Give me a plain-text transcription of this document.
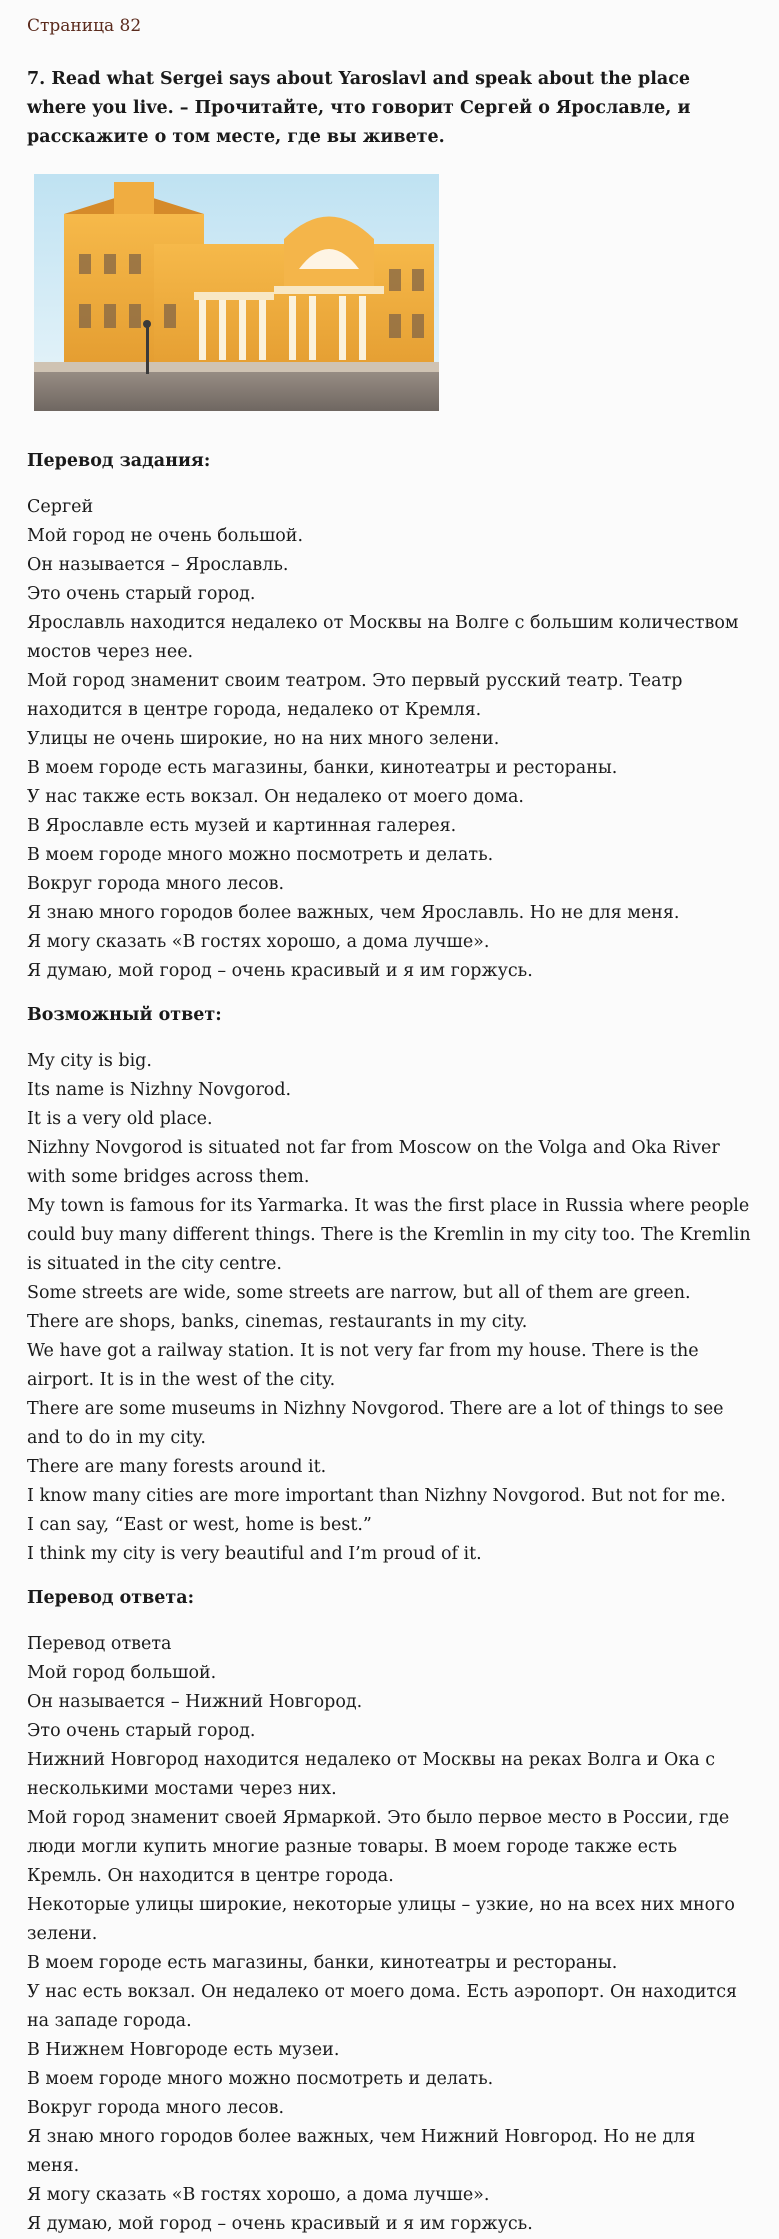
Страница 82
7. Read what Sergei says about Yaroslavl and speak about the place where you live. – Прочитайте, что говорит Сергей о Ярославле, и расскажите о том месте, где вы живете.
Перевод задания:
Сергей
Мой город не очень большой.
Он называется – Ярославль.
Это очень старый город.
Ярославль находится недалеко от Москвы на Волге с большим количеством мостов через нее.
Мой город знаменит своим театром. Это первый русский театр. Театр находится в центре города, недалеко от Кремля.
Улицы не очень широкие, но на них много зелени.
В моем городе есть магазины, банки, кинотеатры и рестораны.
У нас также есть вокзал. Он недалеко от моего дома.
В Ярославле есть музей и картинная галерея.
В моем городе много можно посмотреть и делать.
Вокруг города много лесов.
Я знаю много городов более важных, чем Ярославль. Но не для меня.
Я могу сказать «В гостях хорошо, а дома лучше».
Я думаю, мой город – очень красивый и я им горжусь.
Возможный ответ:
My city is big.
Its name is Nizhny Novgorod.
It is a very old place.
Nizhny Novgorod is situated not far from Moscow on the Volga and Oka River with some bridges across them.
My town is famous for its Yarmarka. It was the first place in Russia where people could buy many different things. There is the Kremlin in my city too. The Kremlin is situated in the city centre.
Some streets are wide, some streets are narrow, but all of them are green.
There are shops, banks, cinemas, restaurants in my city.
We have got a railway station. It is not very far from my house. There is the airport. It is in the west of the city.
There are some museums in Nizhny Novgorod. There are a lot of things to see and to do in my city.
There are many forests around it.
I know many cities are more important than Nizhny Novgorod. But not for me.
I can say, “East or west, home is best.”
I think my city is very beautiful and I’m proud of it.
Перевод ответа:
Перевод ответа
Мой город большой.
Он называется – Нижний Новгород.
Это очень старый город.
Нижний Новгород находится недалеко от Москвы на реках Волга и Ока с несколькими мостами через них.
Мой город знаменит своей Ярмаркой. Это было первое место в России, где люди могли купить многие разные товары. В моем городе также есть Кремль. Он находится в центре города.
Некоторые улицы широкие, некоторые улицы – узкие, но на всех них много зелени.
В моем городе есть магазины, банки, кинотеатры и рестораны.
У нас есть вокзал. Он недалеко от моего дома. Есть аэропорт. Он находится на западе города.
В Нижнем Новгороде есть музеи.
В моем городе много можно посмотреть и делать.
Вокруг города много лесов.
Я знаю много городов более важных, чем Нижний Новгород. Но не для меня.
Я могу сказать «В гостях хорошо, а дома лучше».
Я думаю, мой город – очень красивый и я им горжусь.
